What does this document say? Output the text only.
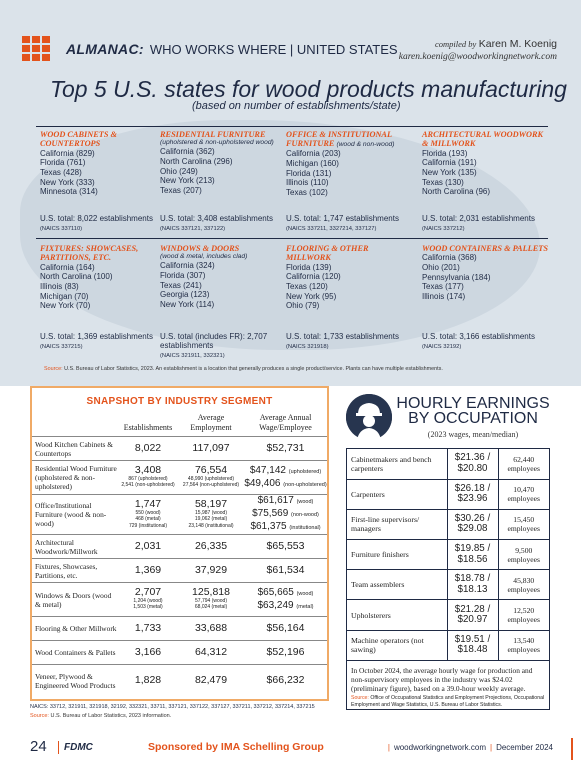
ALMANAC: WHO WORKS WHERE | UNITED STATES	compiled by Karen M. Koenig
karen.koenig@woodworkingnetwork.com
Top 5 U.S. states for wood products manufacturing
(based on number of establishments/state)
WOOD CABINETS & COUNTERTOPS
California (829)
Florida (761)
Texas (428)
New York (333)
Minnesota (314)
U.S. total: 8,022 establishments (NAICS 337110)
RESIDENTIAL FURNITURE
(upholstered & non-upholstered wood)
California (362)
North Carolina (296)
Ohio (249)
New York (213)
Texas (207)
U.S. total: 3,408 establishments
(NAICS 337121, 337122)
OFFICE & INSTITUTIONAL FURNITURE (wood & non-wood)
California (203)
Michigan (160)
Florida (131)
Illinois (110)
Texas (102)
U.S. total: 1,747 establishments
(NAICS 337211, 3327214, 337127)
ARCHITECTURAL WOODWORK & MILLWORK
Florida (193)
California (191)
New York (135)
Texas (130)
North Carolina (96)
U.S. total: 2,031 establishments
(NAICS 337212)
FIXTURES: SHOWCASES, PARTITIONS, ETC.
California (164)
North Carolina (100)
Illinois (83)
Michigan (70)
New York (70)
U.S. total: 1,369 establishments (NAICS 337215)
WINDOWS & DOORS
(wood & metal, includes clad)
California (324)
Florida (307)
Texas (241)
Georgia (123)
New York (114)
U.S. total (includes FR): 2,707 establishments
(NAICS 321911, 332321)
FLOORING & OTHER MILLWORK
Florida (139)
California (120)
Texas (120)
New York (95)
Ohio (79)
U.S. total: 1,733 establishments
(NAICS 321918)
WOOD CONTAINERS & PALLETS
California (368)
Ohio (201)
Pennsylvania (184)
Texas (177)
Illinois (174)
U.S. total: 3,166 establishments
(NAICS 32192)
Source: U.S. Bureau of Labor Statistics, 2023. An establishment is a location that generally produces a single product/service. Plants can have multiple establishments.
SNAPSHOT BY INDUSTRY SEGMENT
	Establishments	Average Employment	Average Annual Wage/Employee
Wood Kitchen Cabinets & Countertops	8,022	117,097	$52,731
Residential Wood Furniture (upholstered & non-upholstered)	3,408
867 (upholstered)
2,541 (non-upholstered)	76,554
48,990 (upholstered)
27,564 (non-upholstered)	$47,142 (upholstered)
$49,406 (non-upholstered)

Office/Institutional Furniture (wood & non-wood)	1,747
550 (wood)
468 (metal)
729 (institutional)	58,197
15,987 (wood)
19,062 (metal)
23,148 (institutional)	$61,617 (wood)
$75,569 (non-wood)
$61,375 (institutional)

Architectural Woodwork/Millwork	2,031	26,335	$65,553
Fixtures, Showcases, Partitions, etc.	1,369	37,929	$61,534
Windows & Doors (wood & metal)	2,707
1,204 (wood)
1,503 (metal)	125,818
57,794 (wood)
68,024 (metal)	$65,665 (wood)
$63,249 (metal)

Flooring & Other Millwork	1,733	33,688	$56,164
Wood Containers & Pallets	3,166	64,312	$52,196
Veneer, Plywood & Engineered Wood Products	1,828	82,479	$66,232
NAICS: 33712, 321911, 321918, 32192, 332321, 33711, 337121, 337122, 337127, 337211, 337212, 337214, 337215
Source: U.S. Bureau of Labor Statistics, 2023 information.
HOURLY EARNINGS BY OCCUPATION
(2023 wages, mean/median)
Cabinetmakers and bench carpenters	$21.36 /
$20.80	62,440 employees
Carpenters	$26.18 /
$23.96	10,470 employees
First-line supervisors/ managers	$30.26 /
$29.08	15,450 employees
Furniture finishers	$19.85 /
$18.56	9,500 employees
Team assemblers	$18.78 /
$18.13	45,830 employees
Upholsterers	$21.28 /
$20.97	12,520 employees
Machine operators (not sawing)	$19.51 /
$18.48	13,540 employees
In October 2024, the average hourly wage for production and non-supervisory employees in the industry was $24.02 (preliminary figure), based on a 39.0-hour weekly average.
Source: Office of Occupational Statistics and Employment Projections, Occupational Employment and Wage Statistics, U.S. Bureau of Labor Statistics.
24 FDMC	Sponsored by IMA Schelling Group	| woodworkingnetwork.com | December 2024
